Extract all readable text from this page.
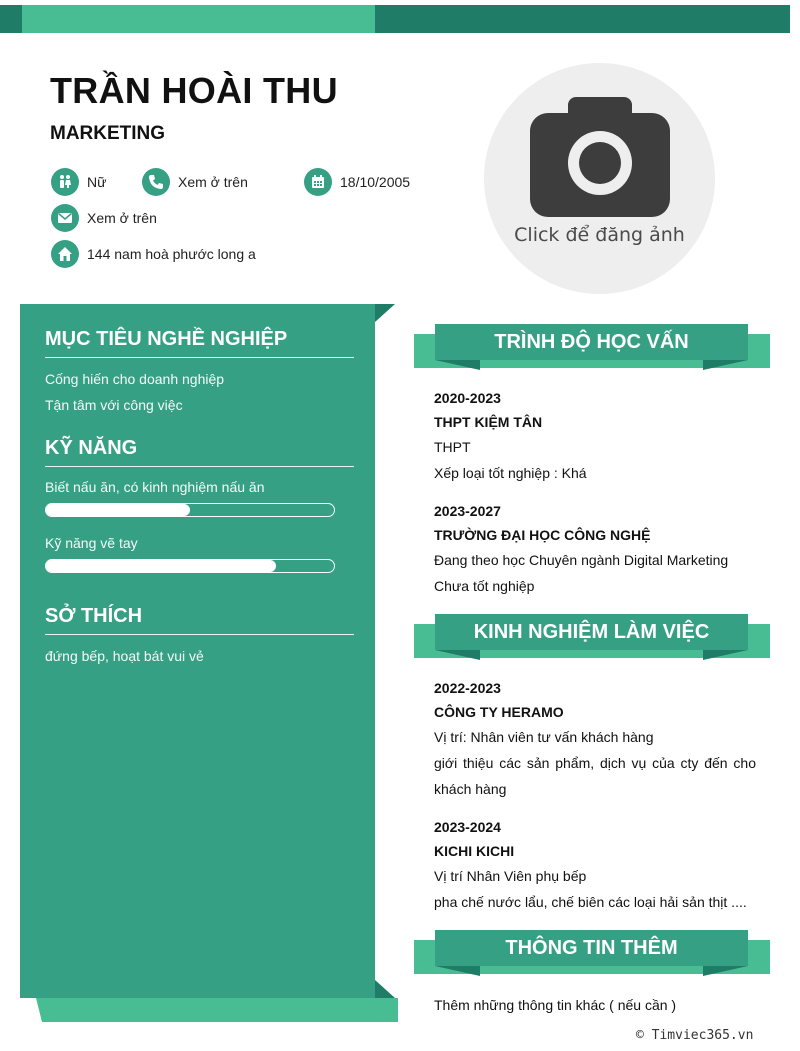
TRẦN HOÀI THU
MARKETING
Nữ	Xem ở trên	18/10/2005
Xem ở trên
144 nam hoà phước long a
Click để đăng ảnh
MỤC TIÊU NGHỀ NGHIỆP
Cống hiến cho doanh nghiệp
Tận tâm với công việc
KỸ NĂNG
Biết nấu ăn, có kinh nghiệm nấu ăn
Kỹ năng vẽ tay
SỞ THÍCH
đứng bếp, hoạt bát vui vẻ
TRÌNH ĐỘ HỌC VẤN
2020-2023
THPT KIỆM TÂN
THPT
Xếp loại tốt nghiệp : Khá
2023-2027
TRƯỜNG ĐẠI HỌC CÔNG NGHỆ
Đang theo học Chuyên ngành Digital Marketing
Chưa tốt nghiệp
KINH NGHIỆM LÀM VIỆC
2022-2023
CÔNG TY HERAMO
Vị trí: Nhân viên tư vấn khách hàng
giới thiệu các sản phẩm, dịch vụ của cty đến cho
khách hàng
2023-2024
KICHI KICHI
Vị trí Nhân Viên phụ bếp
pha chế nước lẩu, chế biên các loại hải sản thịt ....
THÔNG TIN THÊM
Thêm những thông tin khác ( nếu cần )
© Timviec365.vn
